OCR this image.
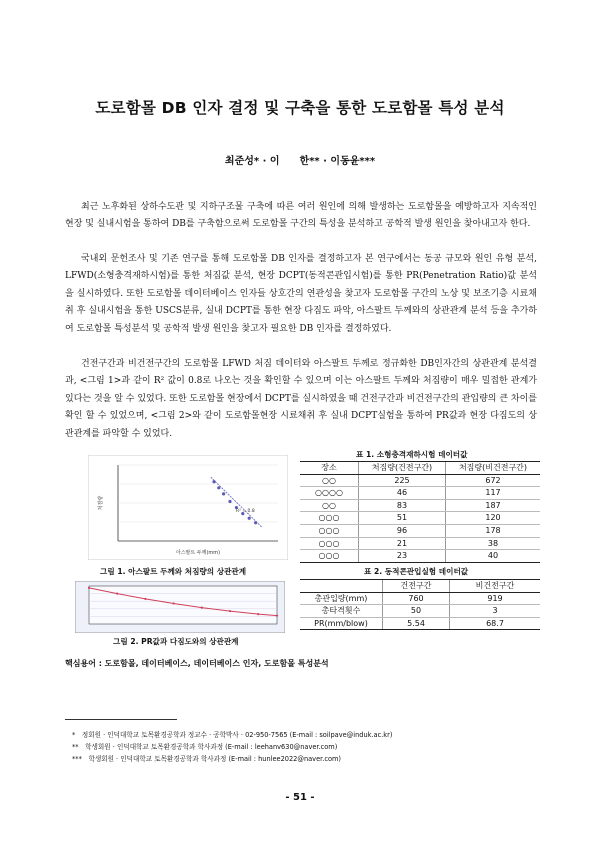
도로함몰 DB 인자 결정 및 구축을 통한 도로함몰 특성 분석
최준성* · 이　　한** · 이동윤***

최근 노후화된 상하수도관 및 지하구조물 구축에 따른 여러 원인에 의해 발생하는 도로함몰을 예방하고자 지속적인 현장 및 실내시험을 통하여 DB를 구축함으로써 도로함몰 구간의 특성을 분석하고 공학적 발생 원인을 찾아내고자 한다.

국내외 문헌조사 및 기존 연구를 통해 도로함몰 DB 인자를 결정하고자 본 연구에서는 동공 규모와 원인 유형 분석, LFWD(소형충격재하시험)를 통한 처짐값 분석, 현장 DCPT(동적콘관입시험)를 통한 PR(Penetration Ratio)값 분석을 실시하였다. 또한 도로함몰 데이터베이스 인자들 상호간의 연관성을 찾고자 도로함몰 구간의 노상 및 보조기층 시료채취 후 실내시험을 통한 USCS분류, 실내 DCPT를 통한 현장 다짐도 파악, 아스팔트 두께와의 상관관계 분석 등을 추가하여 도로함몰 특성분석 및 공학적 발생 원인을 찾고자 필요한 DB 인자를 결정하였다.

건전구간과 비건전구간의 도로함몰 LFWD 처짐 데이터와 아스팔트 두께로 정규화한 DB인자간의 상관관계 분석결과, <그림 1>과 같이 R² 값이 0.8로 나오는 것을 확인할 수 있으며 이는 아스팔트 두께와 처짐량이 매우 밀접한 관계가 있다는 것을 알 수 있었다. 또한 도로함몰 현장에서 DCPT를 실시하였을 때 건전구간과 비건전구간의 관입량의 큰 차이를 확인 할 수 있었으며, <그림 2>와 같이 도로함몰현장 시료채취 후 실내 DCPT실험을 통하여 PR값과 현장 다짐도의 상관관계를 파악할 수 있었다.

R² = 0.8
아스팔트 두께(mm)
처짐량
그림 1. 아스팔트 두께와 처짐량의 상관관계
그림 2. PR값과 다짐도와의 상관관계
표 1. 소형충격재하시험 데이터값
장소	처짐량(건전구간)	처짐량(비건전구간)
○○	225	672
○○○○	46	117
○○	83	187
○○○	51	120
○○○	96	178
○○○	21	38
○○○	23	40
표 2. 동적콘관입실험 데이터값
	건전구간	비건전구간
총관입량(mm)	760	919
총타격횟수	50	3
PR(mm/blow)	5.54	68.7
핵심용어 : 도로함몰, 데이터베이스, 데이터베이스 인자, 도로함몰 특성분석
*　정회원 · 인덕대학교 토목환경공학과 정교수 · 공학박사 · 02-950-7565 (E-mail : soilpave@induk.ac.kr)
**　학생회원 · 인덕대학교 토목환경공학과 학사과정 (E-mail : leehanv630@naver.com)
***　학생회원 · 인덕대학교 토목환경공학과 학사과정 (E-mail : hunlee2022@naver.com)
- 51 -
